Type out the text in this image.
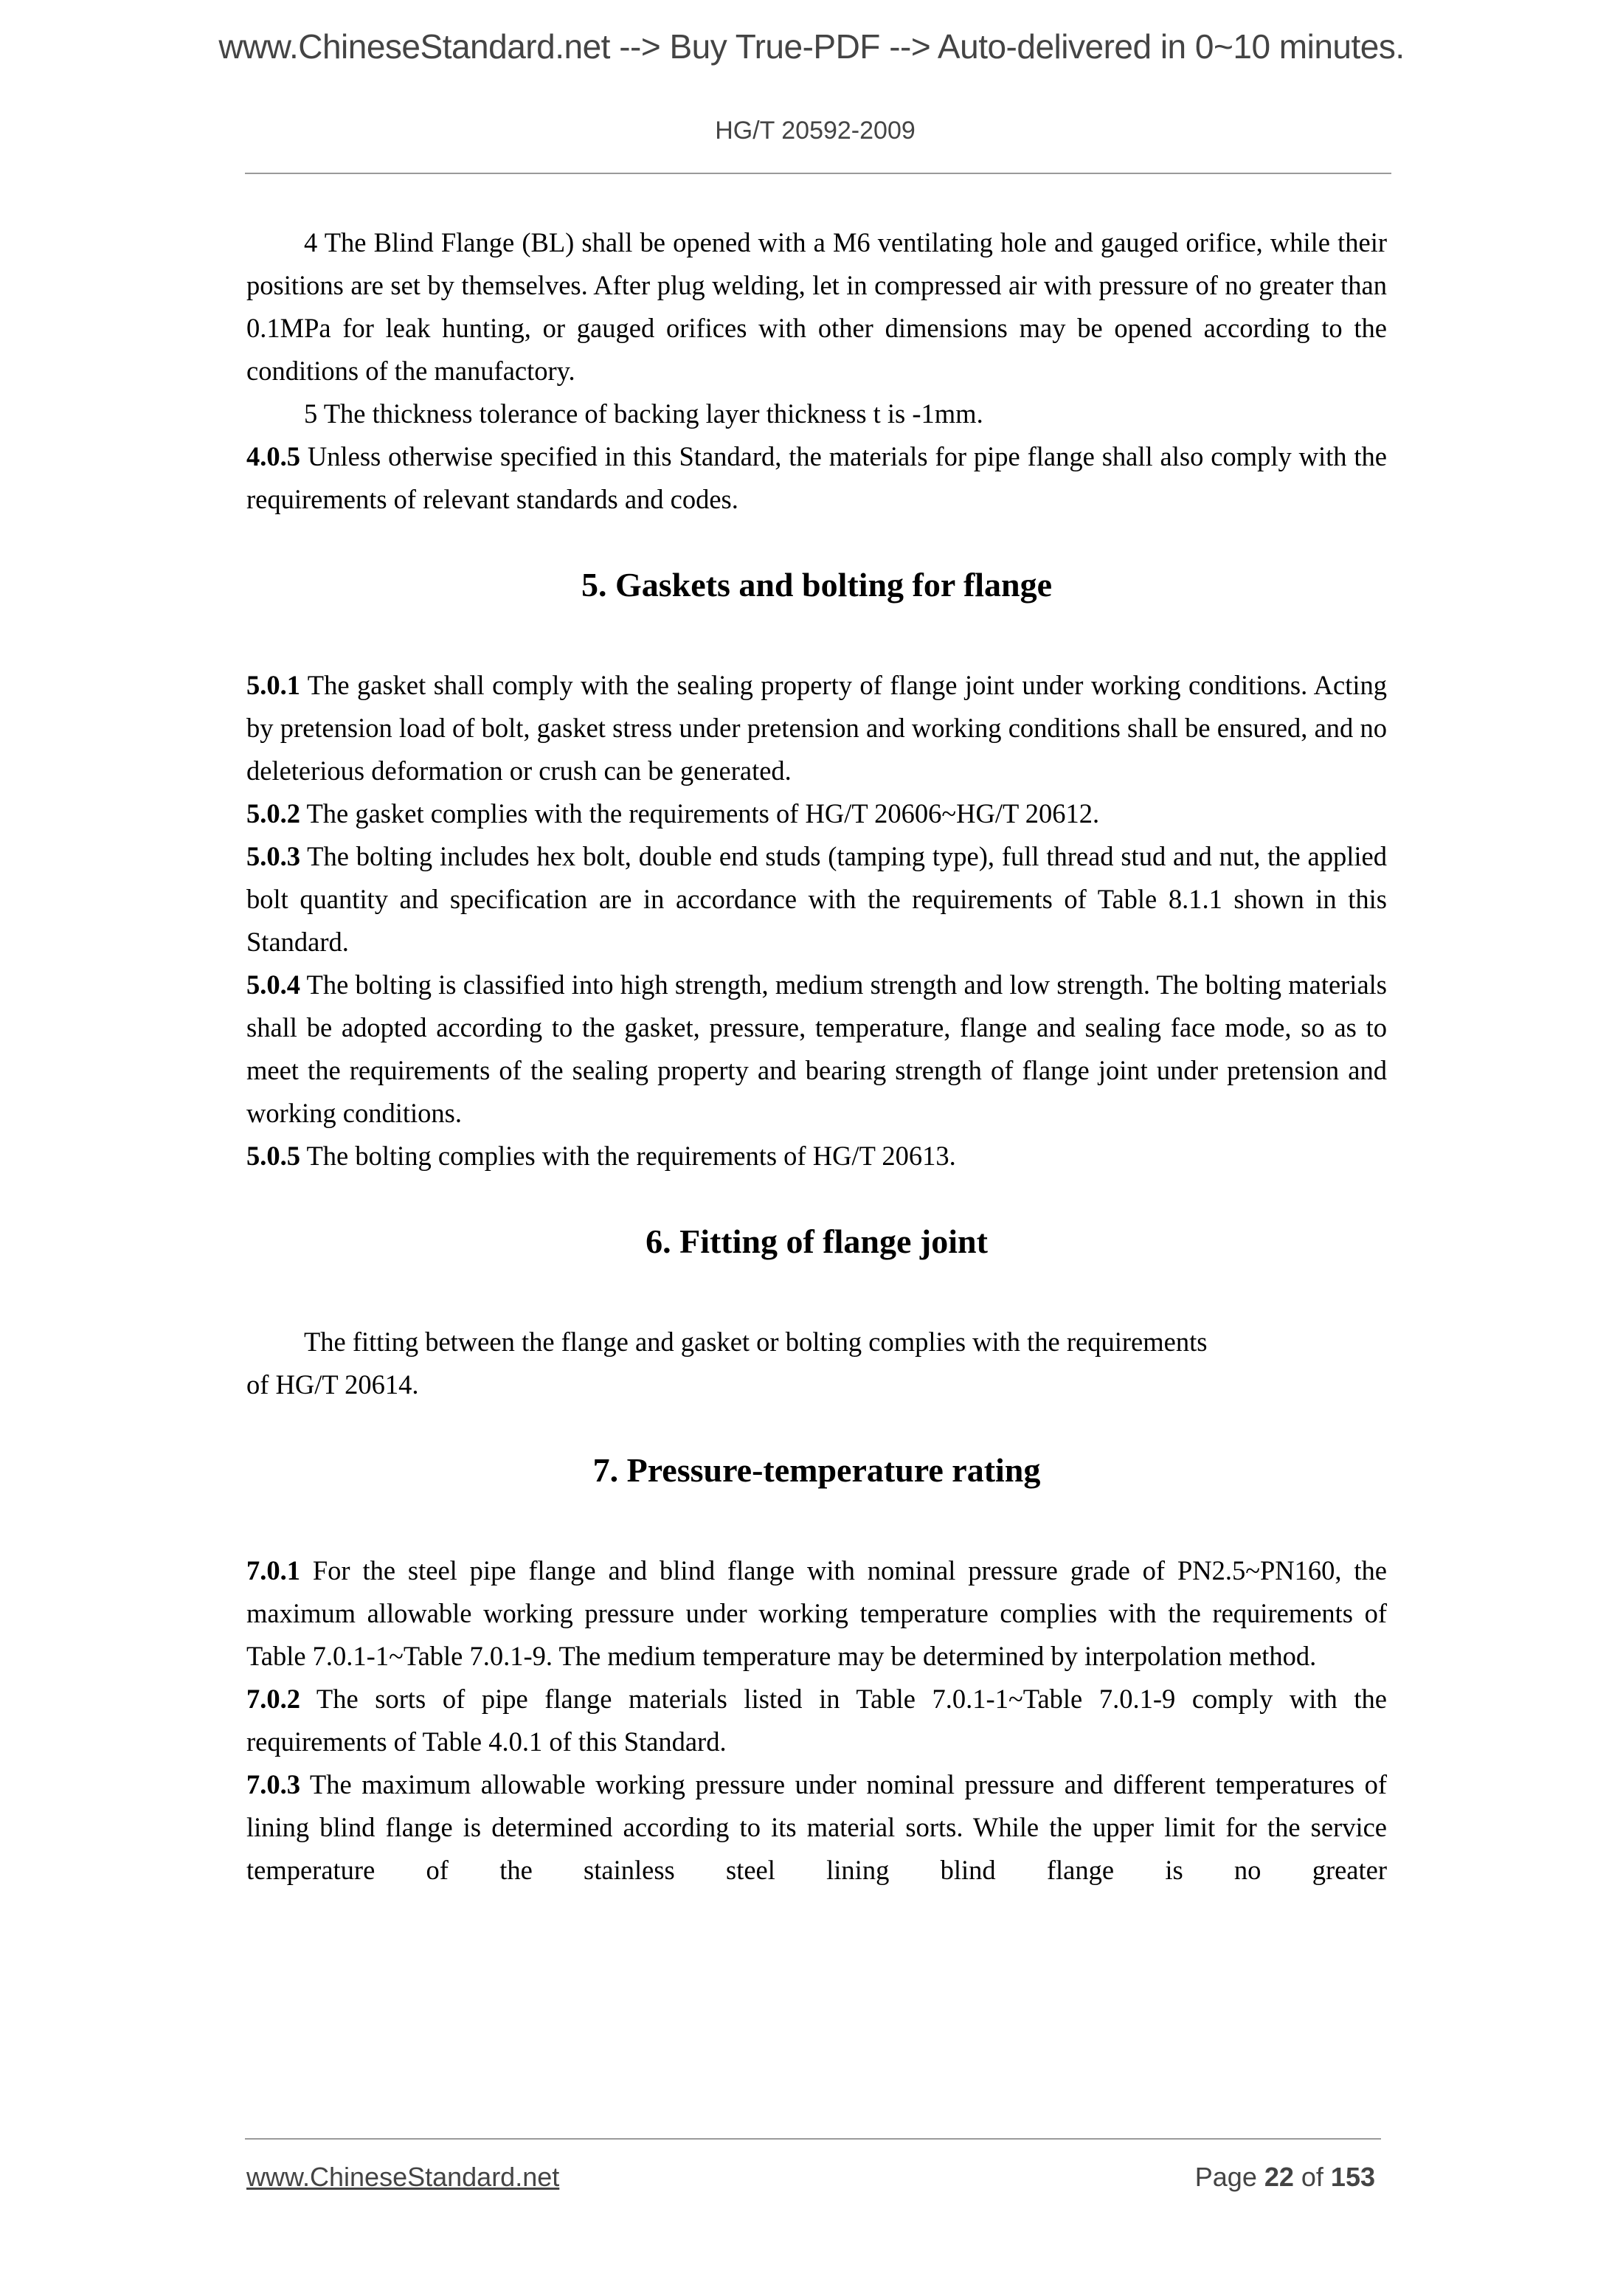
www.ChineseStandard.net --> Buy True-PDF --> Auto-delivered in 0~10 minutes.
HG/T 20592-2009

4 The Blind Flange (BL) shall be opened with a M6 ventilating hole and gauged orifice, while their positions are set by themselves. After plug welding, let in compressed air with pressure of no greater than 0.1MPa for leak hunting, or gauged orifices with other dimensions may be opened according to the conditions of the manufactory.

5 The thickness tolerance of backing layer thickness t is -1mm.

4.0.5 Unless otherwise specified in this Standard, the materials for pipe flange shall also comply with the requirements of relevant standards and codes.

5. Gaskets and bolting for flange

5.0.1 The gasket shall comply with the sealing property of flange joint under working conditions. Acting by pretension load of bolt, gasket stress under pretension and working conditions shall be ensured, and no deleterious deformation or crush can be generated.

5.0.2 The gasket complies with the requirements of HG/T 20606~HG/T 20612.

5.0.3 The bolting includes hex bolt, double end studs (tamping type), full thread stud and nut, the applied bolt quantity and specification are in accordance with the requirements of Table 8.1.1 shown in this Standard.

5.0.4 The bolting is classified into high strength, medium strength and low strength. The bolting materials shall be adopted according to the gasket, pressure, temperature, flange and sealing face mode, so as to meet the requirements of the sealing property and bearing strength of flange joint under pretension and working conditions.

5.0.5 The bolting complies with the requirements of HG/T 20613.

6. Fitting of flange joint

The fitting between the flange and gasket or bolting complies with the requirements

of HG/T 20614.

7. Pressure-temperature rating

7.0.1 For the steel pipe flange and blind flange with nominal pressure grade of PN2.5~PN160, the maximum allowable working pressure under working temperature complies with the requirements of Table 7.0.1-1~Table 7.0.1-9. The medium temperature may be determined by interpolation method.

7.0.2 The sorts of pipe flange materials listed in Table 7.0.1-1~Table 7.0.1-9 comply with the requirements of Table 4.0.1 of this Standard.

7.0.3 The maximum allowable working pressure under nominal pressure and different temperatures of lining blind flange is determined according to its material sorts. While the upper limit for the service temperature of the stainless steel lining blind flange is no greater

www.ChineseStandard.net	Page 22 of 153
